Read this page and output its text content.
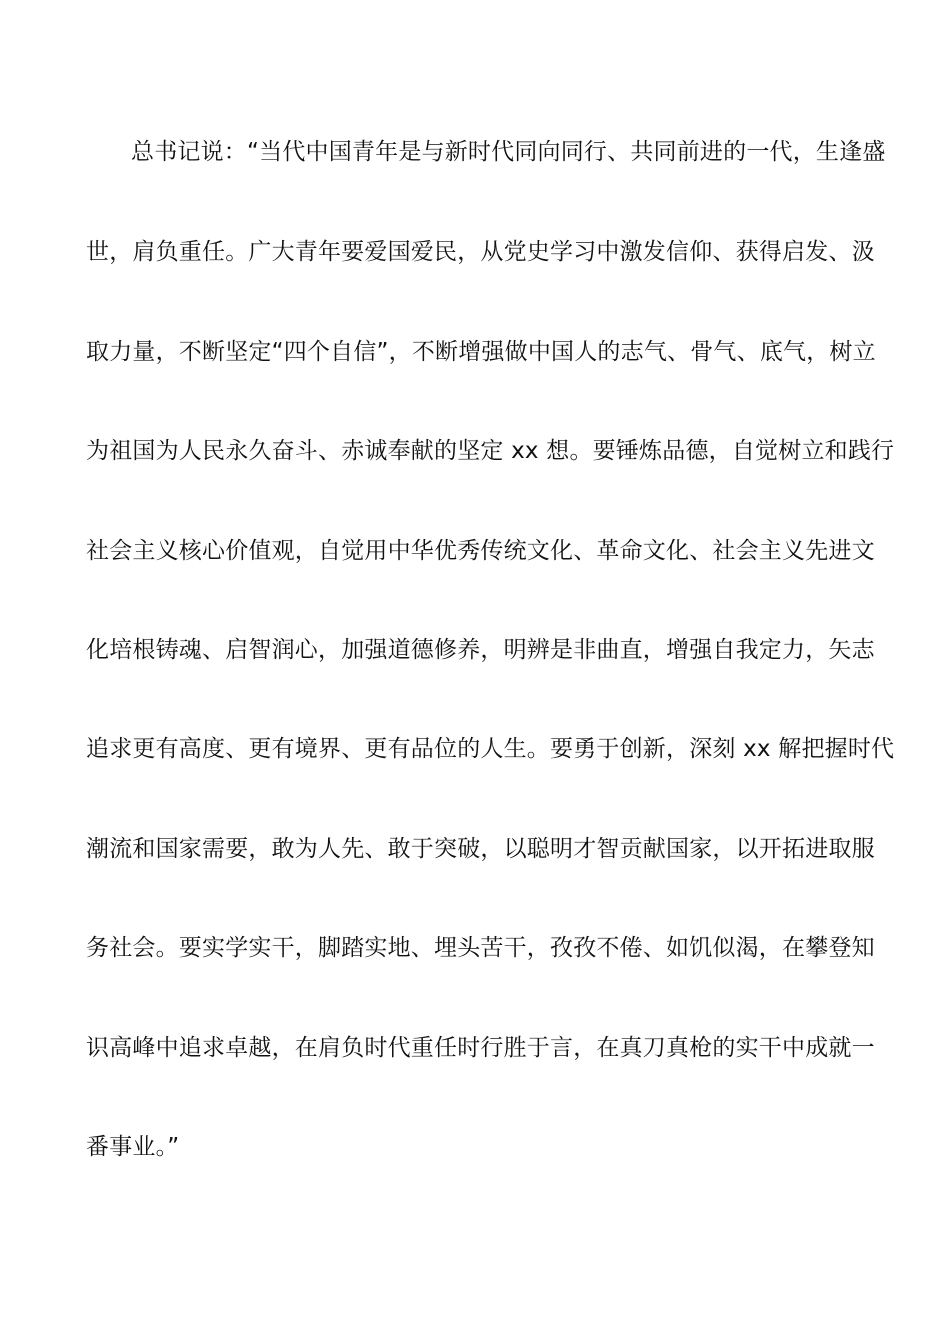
总书记说：“当代中国青年是与新时代同向同行、共同前进的一代，生逢盛
世，肩负重任。广大青年要爱国爱民，从党史学习中激发信仰、获得启发、汲
取力量，不断坚定“四个自信”，不断增强做中国人的志气、骨气、底气，树立
为祖国为人民永久奋斗、赤诚奉献的坚定 xx 想。要锤炼品德，自觉树立和践行
社会主义核心价值观，自觉用中华优秀传统文化、革命文化、社会主义先进文
化培根铸魂、启智润心，加强道德修养，明辨是非曲直，增强自我定力，矢志
追求更有高度、更有境界、更有品位的人生。要勇于创新，深刻 xx 解把握时代
潮流和国家需要，敢为人先、敢于突破，以聪明才智贡献国家，以开拓进取服
务社会。要实学实干，脚踏实地、埋头苦干，孜孜不倦、如饥似渴，在攀登知
识高峰中追求卓越，在肩负时代重任时行胜于言，在真刀真枪的实干中成就一
番事业。”
